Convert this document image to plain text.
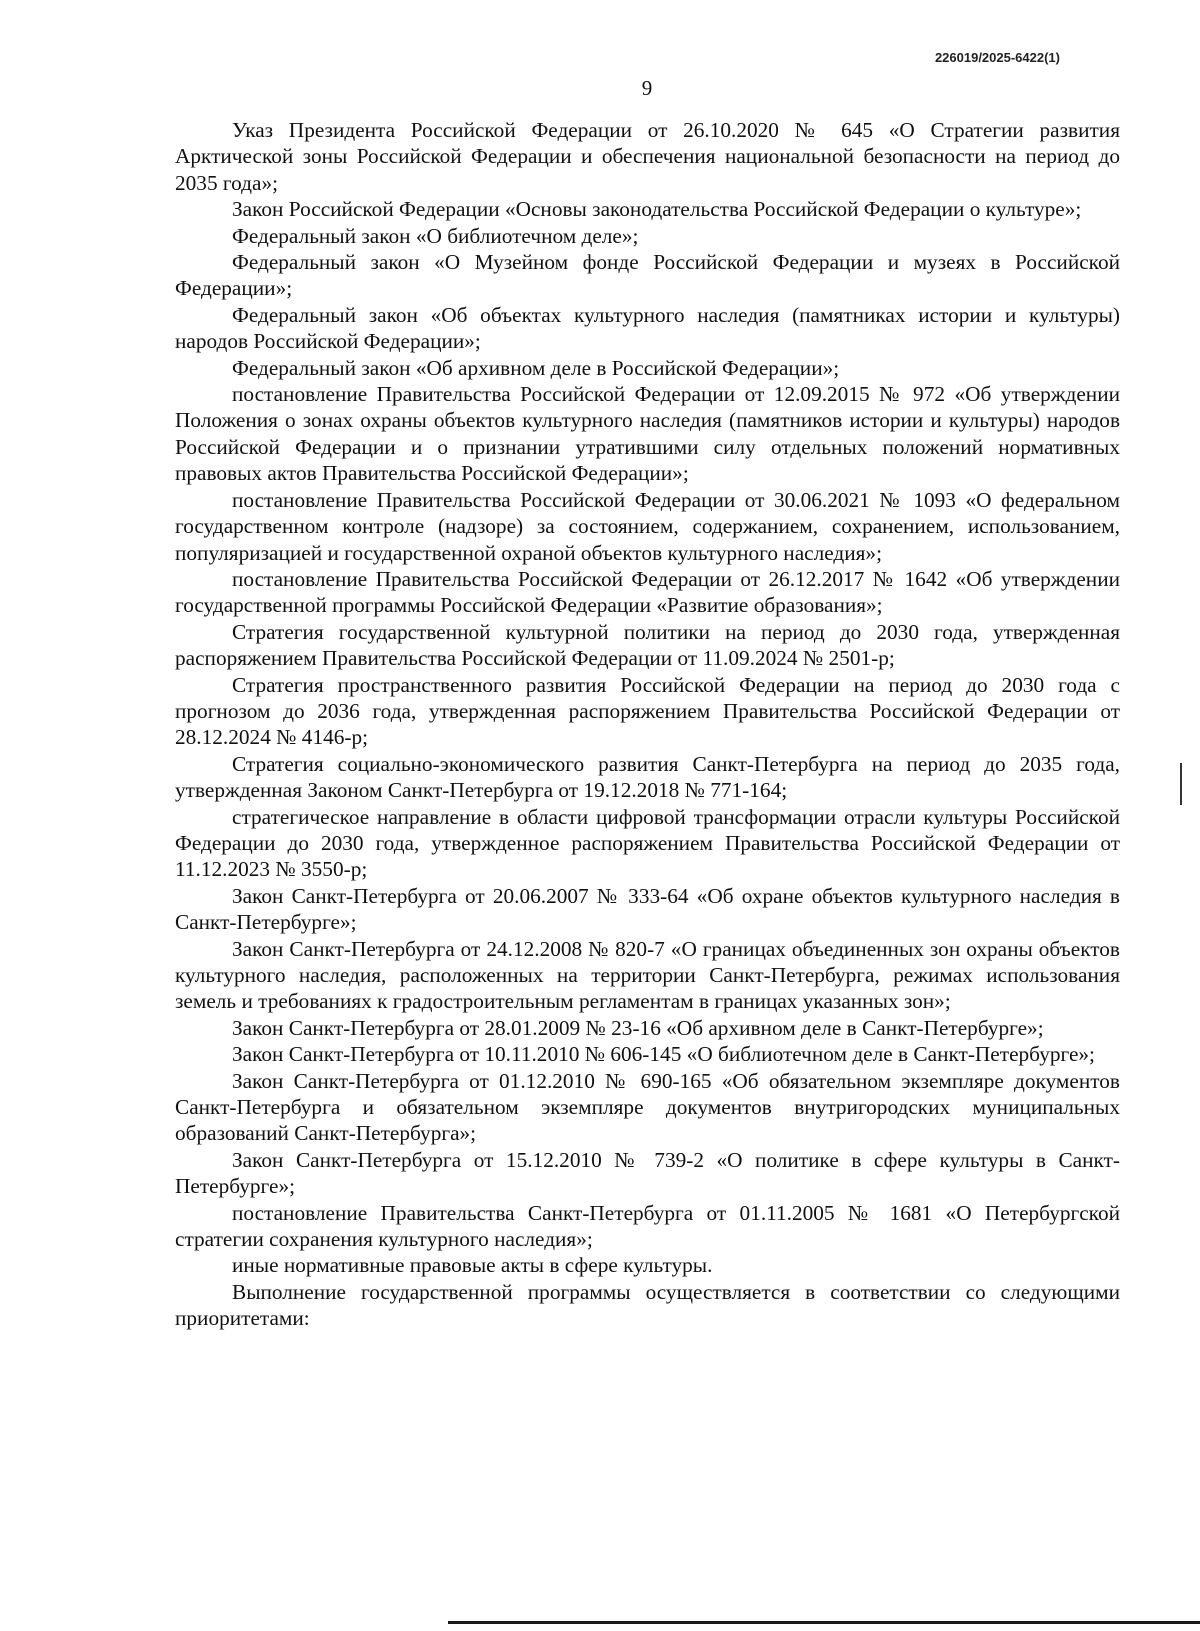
226019/2025-6422(1)
9

Указ Президента Российской Федерации от 26.10.2020 № 645 «О Стратегии развития Арктической зоны Российской Федерации и обеспечения национальной безопасности на период до 2035 года»;

Закон Российской Федерации «Основы законодательства Российской Федерации о культуре»;

Федеральный закон «О библиотечном деле»;

Федеральный закон «О Музейном фонде Российской Федерации и музеях в Российской Федерации»;

Федеральный закон «Об объектах культурного наследия (памятниках истории и культуры) народов Российской Федерации»;

Федеральный закон «Об архивном деле в Российской Федерации»;

постановление Правительства Российской Федерации от 12.09.2015 № 972 «Об утверждении Положения о зонах охраны объектов культурного наследия (памятников истории и культуры) народов Российской Федерации и о признании утратившими силу отдельных положений нормативных правовых актов Правительства Российской Федерации»;

постановление Правительства Российской Федерации от 30.06.2021 № 1093 «О федеральном государственном контроле (надзоре) за состоянием, содержанием, сохранением, использованием, популяризацией и государственной охраной объектов культурного наследия»;

постановление Правительства Российской Федерации от 26.12.2017 № 1642 «Об утверждении государственной программы Российской Федерации «Развитие образования»;

Стратегия государственной культурной политики на период до 2030 года, утвержденная распоряжением Правительства Российской Федерации от 11.09.2024 № 2501-р;

Стратегия пространственного развития Российской Федерации на период до 2030 года с прогнозом до 2036 года, утвержденная распоряжением Правительства Российской Федерации от 28.12.2024 № 4146-р;

Стратегия социально-экономического развития Санкт-Петербурга на период до 2035 года, утвержденная Законом Санкт-Петербурга от 19.12.2018 № 771-164;

стратегическое направление в области цифровой трансформации отрасли культуры Российской Федерации до 2030 года, утвержденное распоряжением Правительства Российской Федерации от 11.12.2023 № 3550-р;

Закон Санкт-Петербурга от 20.06.2007 № 333-64 «Об охране объектов культурного наследия в Санкт-Петербурге»;

Закон Санкт-Петербурга от 24.12.2008 № 820-7 «О границах объединенных зон охраны объектов культурного наследия, расположенных на территории Санкт-Петербурга, режимах использования земель и требованиях к градостроительным регламентам в границах указанных зон»;

Закон Санкт-Петербурга от 28.01.2009 № 23-16 «Об архивном деле в Санкт-Петербурге»;

Закон Санкт-Петербурга от 10.11.2010 № 606-145 «О библиотечном деле в Санкт-Петербурге»;

Закон Санкт-Петербурга от 01.12.2010 № 690-165 «Об обязательном экземпляре документов Санкт-Петербурга и обязательном экземпляре документов внутригородских муниципальных образований Санкт-Петербурга»;

Закон Санкт-Петербурга от 15.12.2010 № 739-2 «О политике в сфере культуры в Санкт-Петербурге»;

постановление Правительства Санкт-Петербурга от 01.11.2005 № 1681 «О Петербургской стратегии сохранения культурного наследия»;

иные нормативные правовые акты в сфере культуры.

Выполнение государственной программы осуществляется в соответствии со следующими приоритетами:
